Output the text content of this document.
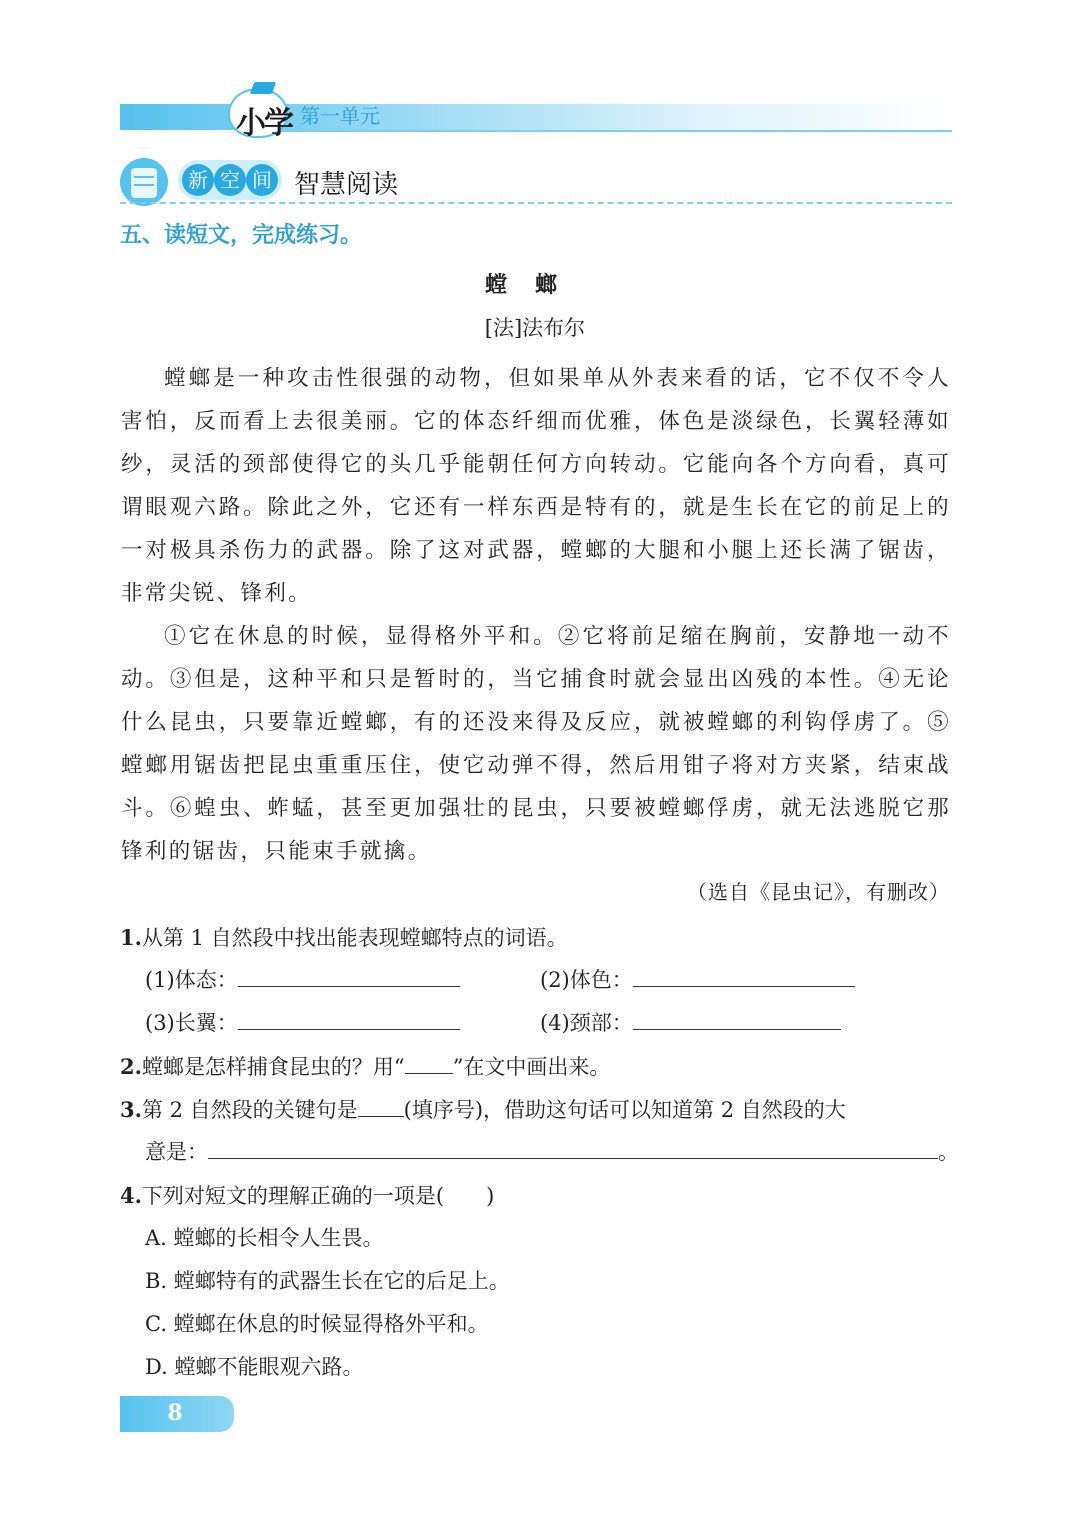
小学 第一单元
新 空 间 智慧阅读
五、读短文，完成练习。
螳螂
[法]法布尔

螳螂是一种攻击性很强的动物，但如果单从外表来看的话，它不仅不令人害怕，反而看上去很美丽。它的体态纤细而优雅，体色是淡绿色，长翼轻薄如纱，灵活的颈部使得它的头几乎能朝任何方向转动。它能向各个方向看，真可谓眼观六路。除此之外，它还有一样东西是特有的，就是生长在它的前足上的一对极具杀伤力的武器。除了这对武器，螳螂的大腿和小腿上还长满了锯齿，非常尖锐、锋利。

①它在休息的时候，显得格外平和。②它将前足缩在胸前，安静地一动不动。③但是，这种平和只是暂时的，当它捕食时就会显出凶残的本性。④无论什么昆虫，只要靠近螳螂，有的还没来得及反应，就被螳螂的利钩俘虏了。⑤螳螂用锯齿把昆虫重重压住，使它动弹不得，然后用钳子将对方夹紧，结束战斗。⑥蝗虫、蚱蜢，甚至更加强壮的昆虫，只要被螳螂俘虏，就无法逃脱它那锋利的锯齿，只能束手就擒。

（选自《昆虫记》，有删改）
1.从第 1 自然段中找出能表现螳螂特点的词语。
(1)体态：	(2)体色：
(3)长翼：	(4)颈部：
2.螳螂是怎样捕食昆虫的？用“ ”在文中画出来。
3.第 2 自然段的关键句是 (填序号)，借助这句话可以知道第 2 自然段的大
意是：	。
4.下列对短文的理解正确的一项是(　　)
A. 螳螂的长相令人生畏。
B. 螳螂特有的武器生长在它的后足上。
C. 螳螂在休息的时候显得格外平和。
D. 螳螂不能眼观六路。
8
